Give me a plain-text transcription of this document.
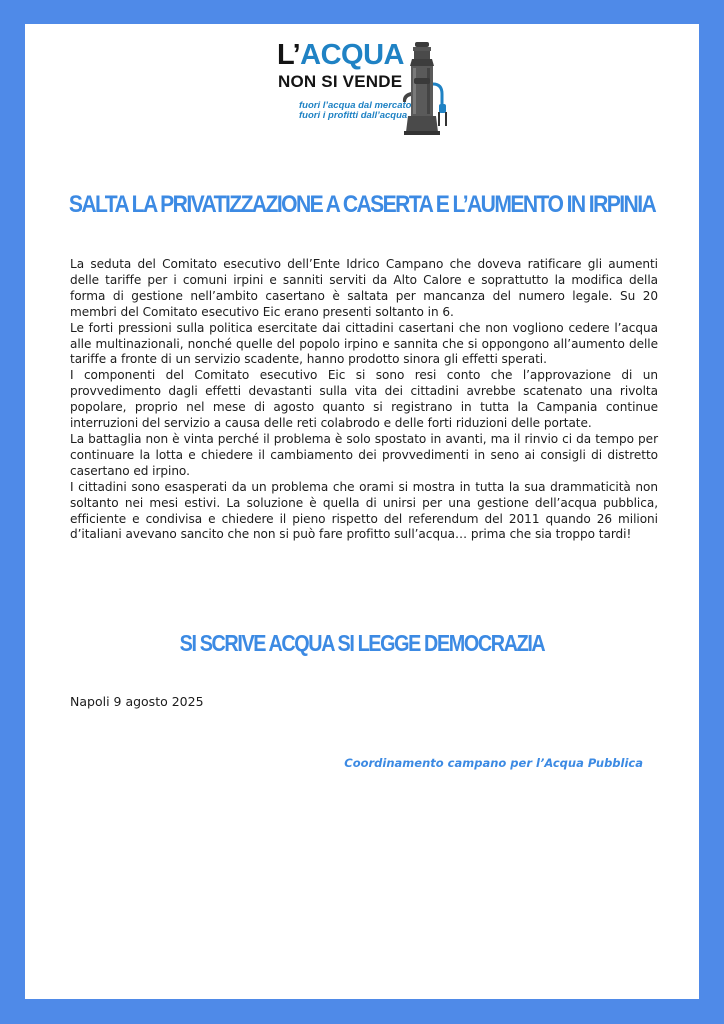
L’ACQUA
NON SI VENDE
fuori l’acqua dal mercato
fuori i profitti dall’acqua
SALTA LA PRIVATIZZAZIONE A CASERTA E L’AUMENTO IN IRPINIA

La seduta del Comitato esecutivo dell’Ente Idrico Campano che doveva ratificare gli aumenti delle tariffe per i comuni irpini e sanniti serviti da Alto Calore e soprattutto la modifica della forma di gestione nell’ambito casertano è saltata per mancanza del numero legale. Su 20 membri del Comitato esecutivo Eic erano presenti soltanto in 6.

Le forti pressioni sulla politica esercitate dai cittadini casertani che non vogliono cedere l’acqua alle multinazionali, nonché quelle del popolo irpino e sannita che si oppongono all’aumento delle tariffe a fronte di un servizio scadente, hanno prodotto sinora gli effetti sperati.

I componenti del Comitato esecutivo Eic si sono resi conto che l’approvazione di un provvedimento dagli effetti devastanti sulla vita dei cittadini avrebbe scatenato una rivolta popolare, proprio nel mese di agosto quanto si registrano in tutta la Campania continue interruzioni del servizio a causa delle reti colabrodo e delle forti riduzioni delle portate.

La battaglia non è vinta perché il problema è solo spostato in avanti, ma il rinvio ci da tempo per continuare la lotta e chiedere il cambiamento dei provvedimenti in seno ai consigli di distretto casertano ed irpino.

I cittadini sono esasperati da un problema che orami si mostra in tutta la sua drammaticità non soltanto nei mesi estivi. La soluzione è quella di unirsi per una gestione dell’acqua pubblica, efficiente e condivisa e chiedere il pieno rispetto del referendum del 2011 quando 26 milioni d’italiani avevano sancito che non si può fare profitto sull’acqua… prima che sia troppo tardi!

SI SCRIVE ACQUA SI LEGGE DEMOCRAZIA
Napoli 9 agosto 2025
Coordinamento campano per l’Acqua Pubblica
